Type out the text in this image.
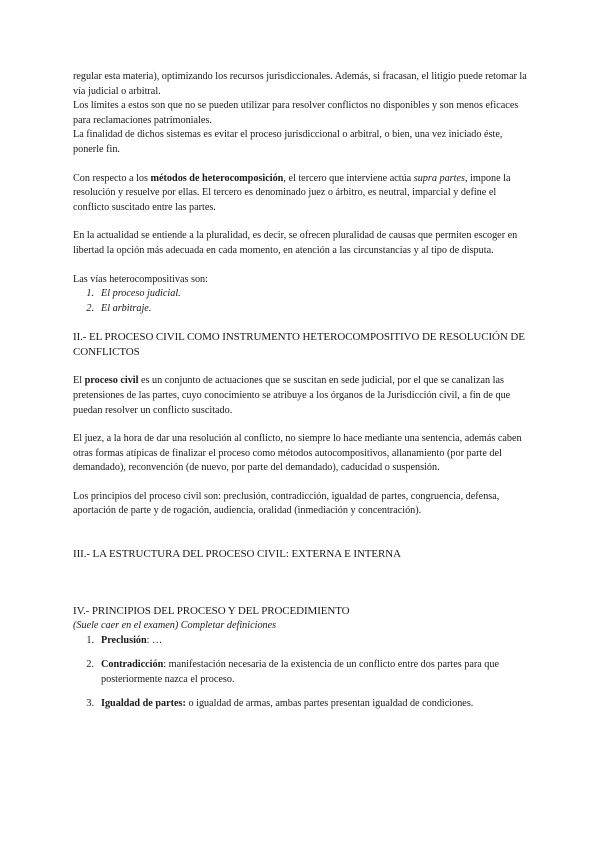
regular esta materia), optimizando los recursos jurisdiccionales. Además, si fracasan, el litigio puede retomar la vía judicial o arbitral.

Los límites a estos son que no se pueden utilizar para resolver conflictos no disponibles y son menos eficaces para reclamaciones patrimoniales.

La finalidad de dichos sistemas es evitar el proceso jurisdiccional o arbitral, o bien, una vez iniciado éste, ponerle fin.

Con respecto a los métodos de heterocomposición, el tercero que interviene actúa supra partes, impone la resolución y resuelve por ellas. El tercero es denominado juez o árbitro, es neutral, imparcial y define el conflicto suscitado entre las partes.

En la actualidad se entiende a la pluralidad, es decir, se ofrecen pluralidad de causas que permiten escoger en libertad la opción más adecuada en cada momento, en atención a las circunstancias y al tipo de disputa.

Las vías heterocompositivas son:

1. El proceso judicial.
2. El arbitraje.

II.- EL PROCESO CIVIL COMO INSTRUMENTO HETEROCOMPOSITIVO DE RESOLUCIÓN DE CONFLICTOS

El proceso civil es un conjunto de actuaciones que se suscitan en sede judicial, por el que se canalizan las pretensiones de las partes, cuyo conocimiento se atribuye a los órganos de la Jurisdicción civil, a fin de que puedan resolver un conflicto suscitado.

El juez, a la hora de dar una resolución al conflicto, no siempre lo hace mediante una sentencia, además caben otras formas atípicas de finalizar el proceso como métodos autocompositivos, allanamiento (por parte del demandado), reconvención (de nuevo, por parte del demandado), caducidad o suspensión.

Los principios del proceso civil son: preclusión, contradicción, igualdad de partes, congruencia, defensa, aportación de parte y de rogación, audiencia, oralidad (inmediación y concentración).

III.- LA ESTRUCTURA DEL PROCESO CIVIL: EXTERNA E INTERNA

IV.- PRINCIPIOS DEL PROCESO Y DEL PROCEDIMIENTO

(Suele caer en el examen) Completar definiciones

1. Preclusión: …
2. Contradicción: manifestación necesaria de la existencia de un conflicto entre dos partes para que posteriormente nazca el proceso.
3. Igualdad de partes: o igualdad de armas, ambas partes presentan igualdad de condiciones.
